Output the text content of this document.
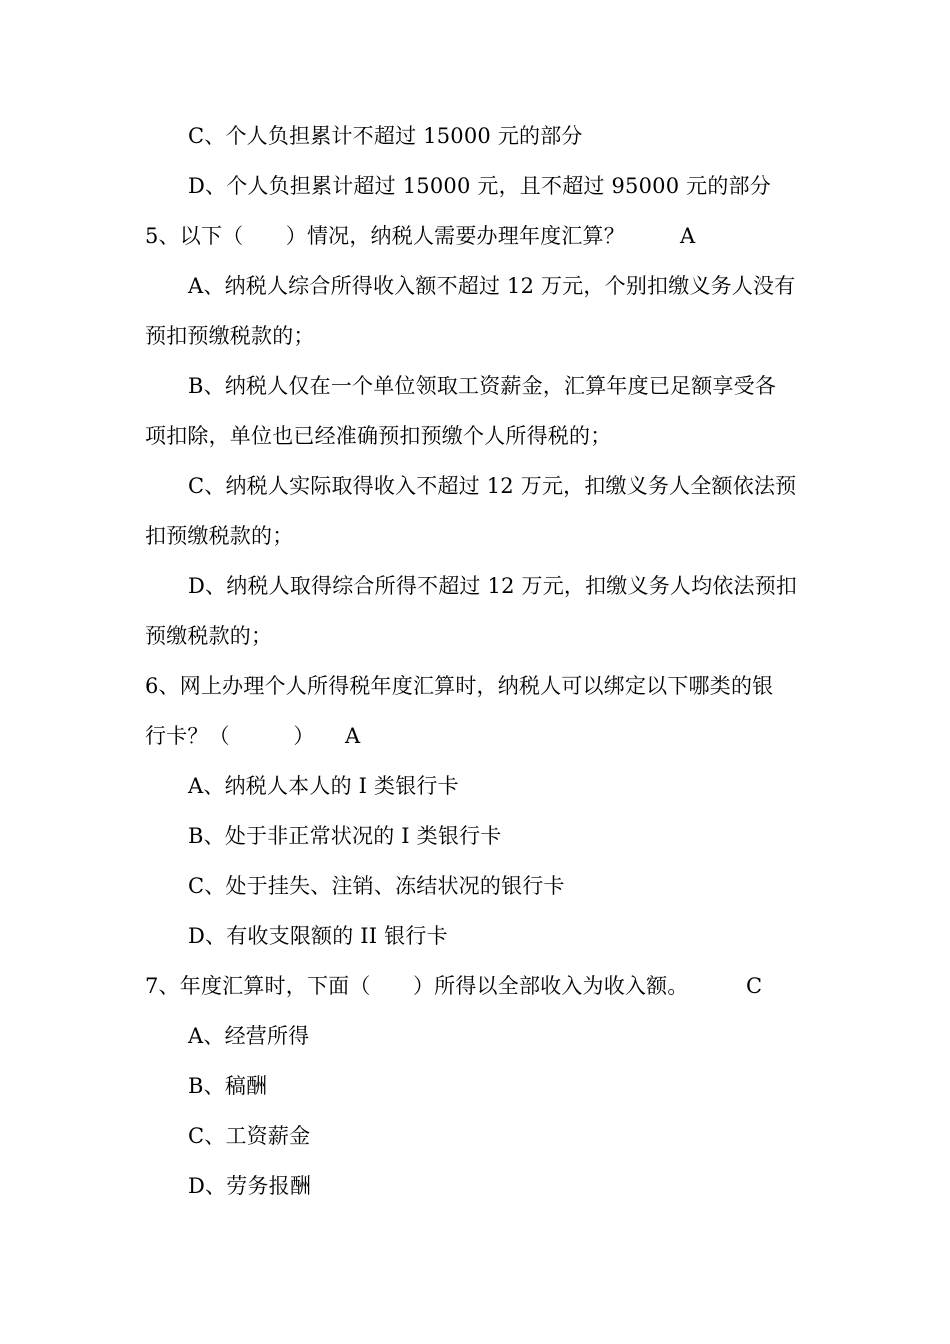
C、个人负担累计不超过 15000 元的部分
D、个人负担累计超过 15000 元，且不超过 95000 元的部分
5、以下（　　）情况，纳税人需要办理年度汇算？	A
A、纳税人综合所得收入额不超过 12 万元，个别扣缴义务人没有
预扣预缴税款的；
B、纳税人仅在一个单位领取工资薪金，汇算年度已足额享受各
项扣除，单位也已经准确预扣预缴个人所得税的；
C、纳税人实际取得收入不超过 12 万元，扣缴义务人全额依法预
扣预缴税款的；
D、纳税人取得综合所得不超过 12 万元，扣缴义务人均依法预扣
预缴税款的；
6、网上办理个人所得税年度汇算时，纳税人可以绑定以下哪类的银
行卡？（　　　） A
A、纳税人本人的 I 类银行卡
B、处于非正常状况的 I 类银行卡
C、处于挂失、注销、冻结状况的银行卡
D、有收支限额的 II 银行卡
7、年度汇算时，下面（　　）所得以全部收入为收入额。	C
A、经营所得
B、稿酬
C、工资薪金
D、劳务报酬
